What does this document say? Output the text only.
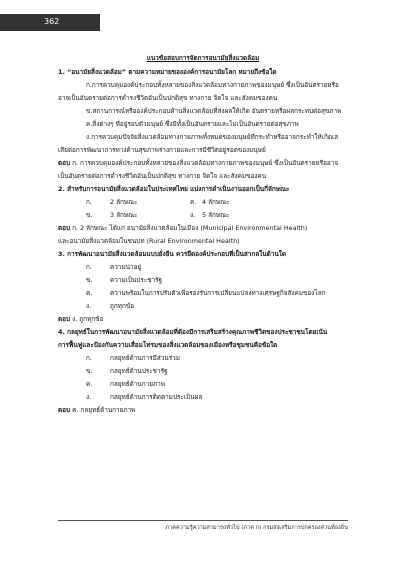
362
แนวข้อสอบการจัดการอนามัยสิ่งแวดล้อม
1. “อนามัยสิ่งแวดล้อม” ตามความหมายขององค์การอนามัยโลก หมายถึงข้อใด
ก.การควบคุมองค์ประกอบทั้งหลายของสิ่งแวดล้อมทางกายภาพของมนุษย์ ซึ่งเป็นอันตรายหรือ
อาจเป็นอันตรายต่อการดำรงชีวิตอันเป็นปกติสุข ทางกาย จิตใจ และสังคมของคน
ข.สถานการณ์หรือองค์ประกอบด้านสิ่งแวดล้อมที่ส่งผลให้เกิด อันตรายหรือผลกระทบต่อสุขภาพ
ค.สิ่งต่างๆ ที่อยู่รอบตัวมนุษย์ ซึ่งมีทั้งเป็นอันตรายและไม่เป็นอันตรายต่อสุขภาพ
ง.การควบคุมปัจจัยสิ่งแวดล้อมทางกายภาพทั้งหมดของมนุษย์ที่กระทำหรืออาจกระทำให้เกิดเส
เสียต่อการพัฒนาการทางด้านสุขภาพร่างกายและการมีชีวิตอยู่รอดของมนุษย์
ตอบ ก. การควบคุมองค์ประกอบทั้งหลายของสิ่งแวดล้อมทางกายภาพของมนุษย์ ซึ่งเป็นอันตรายหรืออาจ
เป็นอันตรายต่อการดำรงชีวิตอันเป็นปกติสุข ทางกาย จิตใจ และสังคมของคน
2. สำหรับการอนามัยสิ่งแวดล้อมในประเทศไทย แบ่งการดำเนินงานออกเป็นกี่ลักษณะ
ก.	2 ลักษณะ	ค. 4 ลักษณะ
ข.	3 ลักษณะ	ง.	5 ลักษณะ
ตอบ ก. 2 ลักษณะ ได้แก่ อนามัยสิ่งแวดล้อมในเมือง (Municipal Environmental Health)
และอนามัยสิ่งแวดล้อมในชนบท (Rural Environmental Health)
3. การพัฒนาอนามัยสิ่งแวดล้อมแบบยั่งยืน ควรยึดองค์ประกอบที่เป็นสากลในด้านใด
ก.	ความน่าอยู่
ข.	ความเป็นประชารัฐ
ค.	ความพร้อมในการปรับตัวเพื่อรองรับการเปลี่ยนแปลงทางเศรษฐกิจสังคมของโลก
ง.	ถูกทุกข้อ
ตอบ ง. ถูกทุกข้อ
4. กลยุทธ์ในการพัฒนาอนามัยสิ่งแวดล้อมที่ต้องมีการเสริมสร้างคุณภาพชีวิตของประชาชนโดยเน้น
การฟื้นฟูและป้องกันความเสื่อมโทรมของสิ่งแวดล้อมของเมืองหรือชุมชนคือข้อใด
ก.	กลยุทธ์ด้านการมีส่วนร่วม
ข.	กลยุทธ์ด้านประชารัฐ
ค.	กลยุทธ์ด้านกายภาพ
ง.	กลยุทธ์ด้านการติดตามประเมินผล
ตอบ ค. กลยุทธ์ด้านกายภาพ
ภาคความรู้ความสามารถทั่วไป (ภาค ก) กรมส่งเสริมการปกครองส่วนท้องถิ่น
